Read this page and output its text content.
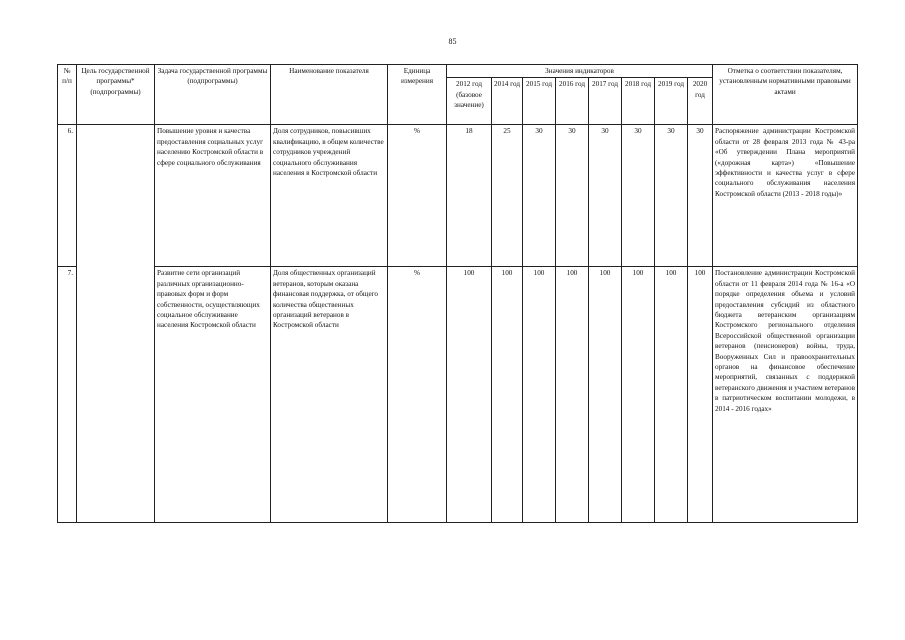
85
№ п/п	Цель государственной программы* (подпрограммы)	Задача государственной программы (подпрограммы)	Наименование показателя	Единица измерения	Значения индикаторов								Отметка о соответствии показателям, установленным нормативными правовыми актами
					2012 год (базовое значение)	2014 год	2015 год	2016 год	2017 год	2018 год	2019 год	2020 год	
6.		Повышение уровня и качества предоставления социальных услуг населению Костромской области в сфере социального обслуживания	Доля сотрудников, повысивших квалификацию, в общем количестве сотрудников учреждений социального обслуживания населения в Костромской области	%	18	25	30	30	30	30	30	30	Распоряжение администрации Костромской области от 28 февраля 2013 года № 43-ра «Об утверждении Плана мероприятий («дорожная карта») «Повышение эффективности и качества услуг в сфере социального обслуживания населения Костромской области (2013 - 2018 годы)»
7.		Развитие сети организаций различных организационно-правовых форм и форм собственности, осуществляющих социальное обслуживание населения Костромской области	Доля общественных организаций ветеранов, которым оказана финансовая поддержка, от общего количества общественных организаций ветеранов в Костромской области	%	100	100	100	100	100	100	100	100	Постановление администрации Костромской области от 11 февраля 2014 года № 16-а «О порядке определения объема и условий предоставления субсидий из областного бюджета ветеранским организациям Костромского регионального отделения Всероссийской общественной организации ветеранов (пенсионеров) войны, труда, Вооруженных Сил и правоохранительных органов на финансовое обеспечение мероприятий, связанных с поддержкой ветеранского движения и участием ветеранов в патриотическом воспитании молодежи, в 2014 - 2016 годах»
